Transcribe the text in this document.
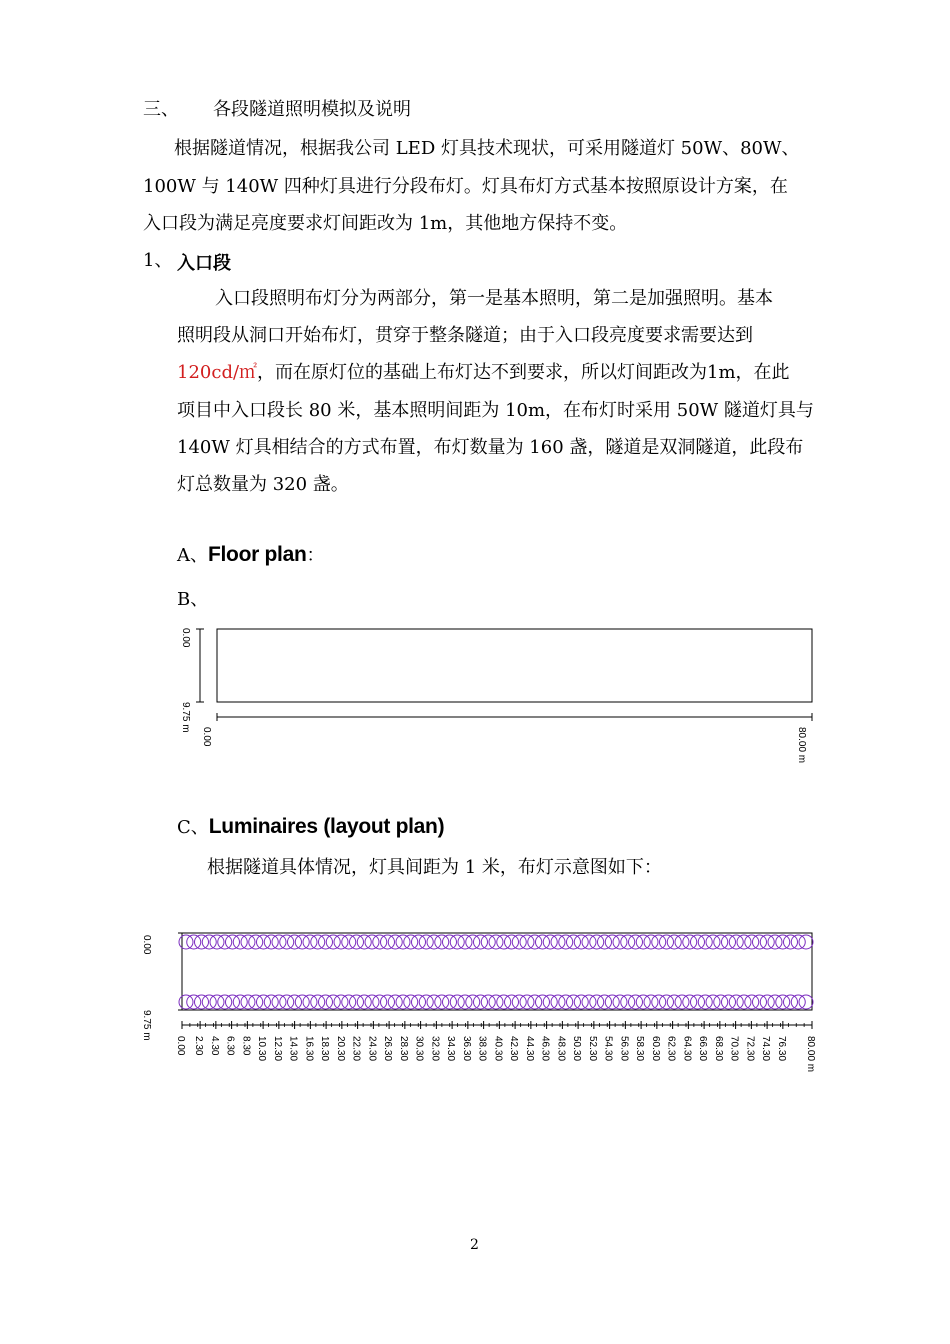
三、 各段隧道照明模拟及说明
根据隧道情况，根据我公司 LED 灯具技术现状，可采用隧道灯 50W、80W、
100W 与 140W 四种灯具进行分段布灯。灯具布灯方式基本按照原设计方案，在
入口段为满足亮度要求灯间距改为 1m，其他地方保持不变。
1、 入口段
入口段照明布灯分为两部分，第一是基本照明，第二是加强照明。基本
照明段从洞口开始布灯，贯穿于整条隧道；由于入口段亮度要求需要达到
120cd/㎡，而在原灯位的基础上布灯达不到要求，所以灯间距改为1m，在此
项目中入口段长 80 米，基本照明间距为 10m，在布灯时采用 50W 隧道灯具与
140W 灯具相结合的方式布置，布灯数量为 160 盏，隧道是双洞隧道，此段布
灯总数量为 320 盏。
A、Floor plan：
B、
0.00
9.75 m
0.00	80.00 m
C、Luminaires (layout plan)
根据隧道具体情况，灯具间距为 1 米，布灯示意图如下：
0.00
9.75 m
0.00 2.30 4.30 6.30 8.30 10.30 12.30 14.30 16.30 18.30 20.30 22.30 24.30 26.30 28.30 30.30 32.30 34.30 36.30 38.30 40.30 42.30 44.30 46.30 48.30 50.30 52.30 54.30 56.30 58.30 60.30 62.30 64.30 66.30 68.30 70.30 72.30 74.30 76.30 80.00 m
2
